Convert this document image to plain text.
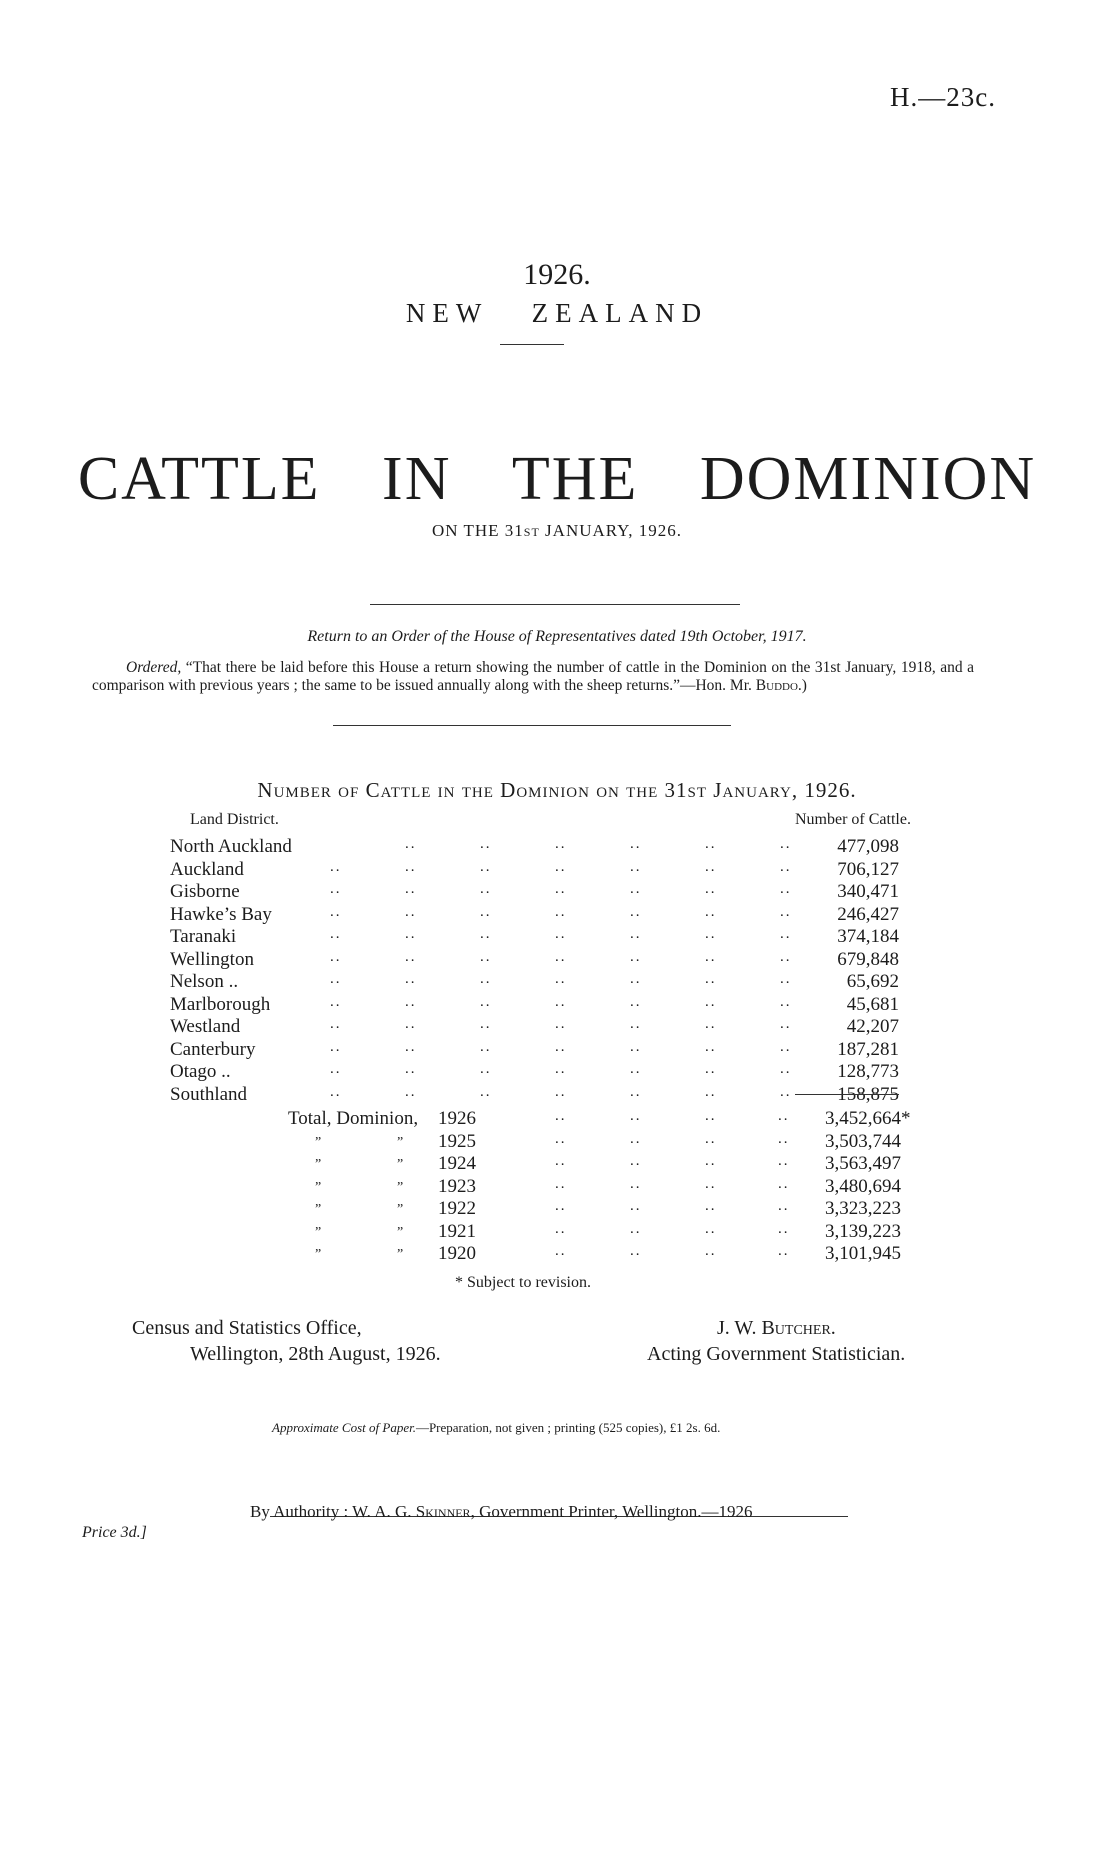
H.—23c.
1926.
NEW ZEALAND
CATTLE IN THE DOMINION
ON THE 31ST JANUARY, 1926.
Return to an Order of the House of Representatives dated 19th October, 1917.
Ordered, “That there be laid before this House a return showing the number of cattle in the Dominion on the 31st January, 1918, and a comparison with previous years ; the same to be issued annually along with the sheep returns.”—Hon. Mr. Buddo.)
Number of Cattle in the Dominion on the 31st January, 1926.
Land District.	Number of Cattle.
North Auckland	..	..	..	..	..	.. 477,098
Auckland	..	..	..	..	..	..	.. 706,127
Gisborne	..	..	..	..	..	..	.. 340,471
Hawke’s Bay	..	..	..	..	..	..	.. 246,427
Taranaki	..	..	..	..	..	..	.. 374,184
Wellington	..	..	..	..	..	..	.. 679,848
Nelson ..	..	..	..	..	..	..	..	65,692
Marlborough	..	..	..	..	..	..	..	45,681
Westland	..	..	..	..	..	..	..	42,207
Canterbury	..	..	..	..	..	..	.. 187,281
Otago ..	..	..	..	..	..	..	.. 128,773
Southland	..	..	..	..	..	..	.. 158,875
Total, Dominion, 1926	..	..	..	.. 3,452,664 *
”	” 1925	..	..	..	.. 3,503,744
”	” 1924	..	..	..	.. 3,563,497
”	” 1923	..	..	..	.. 3,480,694
”	” 1922	..	..	..	.. 3,323,223
”	” 1921	..	..	..	.. 3,139,223
”	” 1920	..	..	..	.. 3,101,945
* Subject to revision.
Census and Statistics Office,
Wellington, 28th August, 1926.
J. W. Butcher.
Acting Government Statistician.
Approximate Cost of Paper.—Preparation, not given ; printing (525 copies), £1 2s. 6d.
By Authority : W. A. G. Skinner, Government Printer, Wellington.—1926
Price 3d.]
